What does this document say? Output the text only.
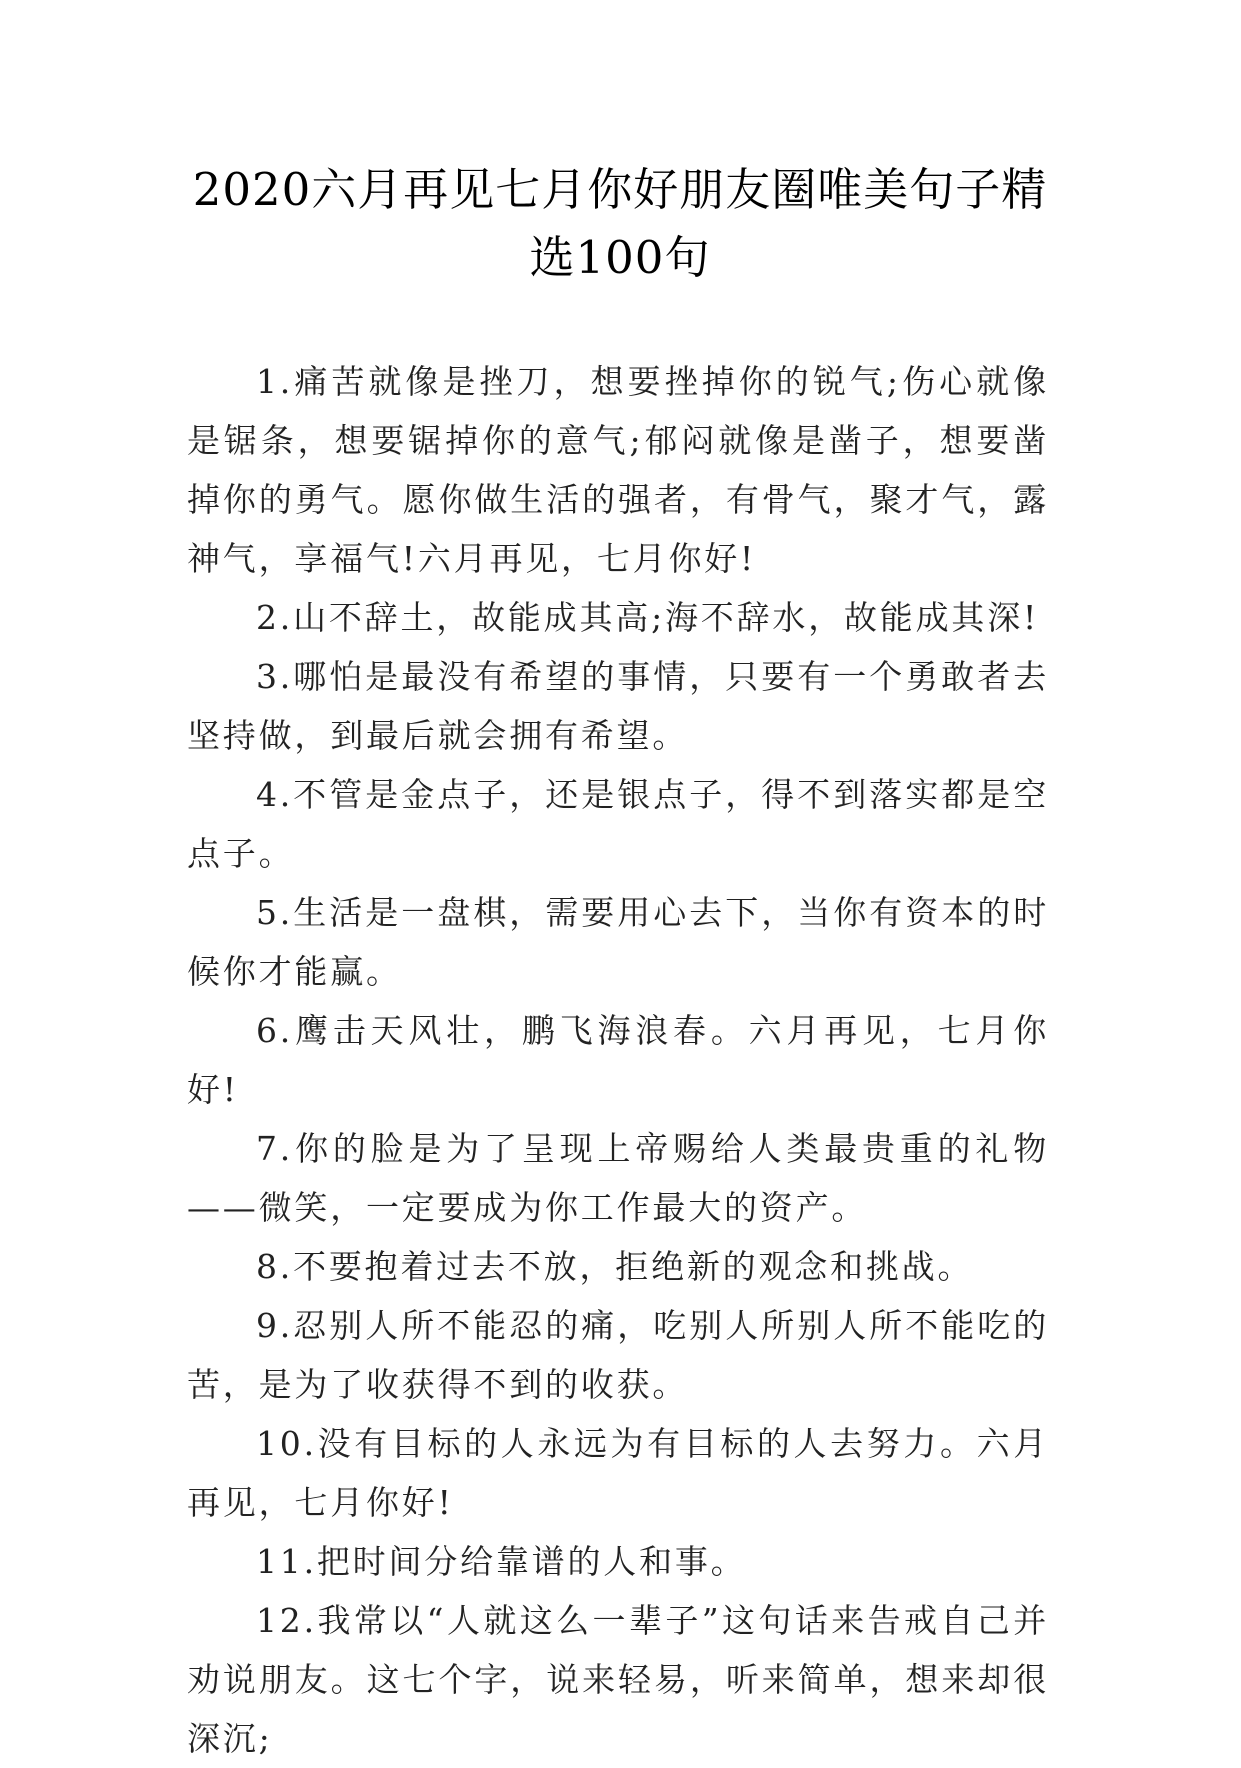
2020六月再见七月你好朋友圈唯美句子精
选100句

1.痛苦就像是挫刀，想要挫掉你的锐气;伤心就像是锯条，想要锯掉你的意气;郁闷就像是凿子，想要凿掉你的勇气。愿你做生活的强者，有骨气，聚才气，露神气，享福气!六月再见，七月你好!

2.山不辞土，故能成其高;海不辞水，故能成其深!

3.哪怕是最没有希望的事情，只要有一个勇敢者去坚持做，到最后就会拥有希望。

4.不管是金点子，还是银点子，得不到落实都是空点子。

5.生活是一盘棋，需要用心去下，当你有资本的时候你才能赢。

6.鹰击天风壮，鹏飞海浪春。六月再见，七月你好!

7.你的脸是为了呈现上帝赐给人类最贵重的礼物——微笑，一定要成为你工作最大的资产。

8.不要抱着过去不放，拒绝新的观念和挑战。

9.忍别人所不能忍的痛，吃别人所别人所不能吃的苦，是为了收获得不到的收获。

10.没有目标的人永远为有目标的人去努力。六月再见，七月你好!

11.把时间分给靠谱的人和事。

12.我常以“人就这么一辈子”这句话来告戒自己并劝说朋友。这七个字，说来轻易，听来简单，想来却很深沉;
